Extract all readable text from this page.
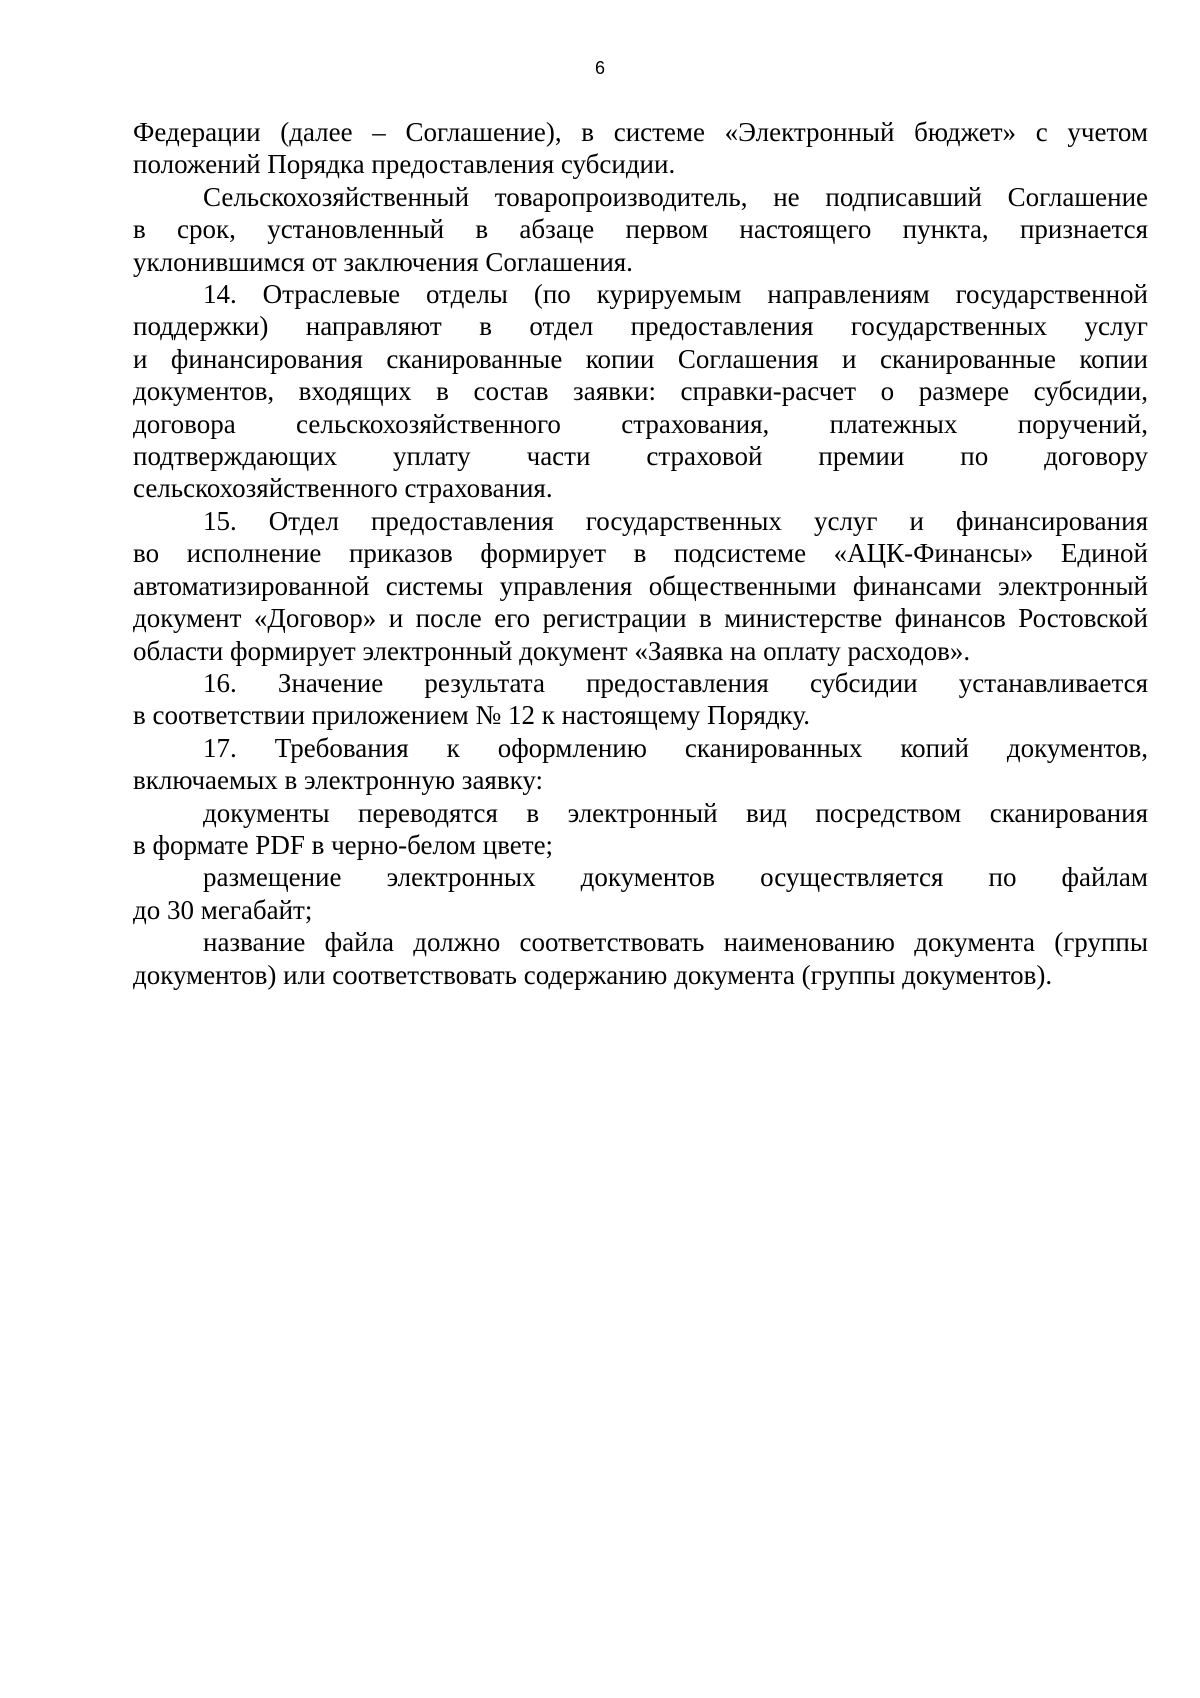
6
Федерации (далее – Соглашение), в системе «Электронный бюджет» с учетом
положений Порядка предоставления субсидии.
Сельскохозяйственный товаропроизводитель, не подписавший Соглашение
в срок, установленный в абзаце первом настоящего пункта, признается
уклонившимся от заключения Соглашения.
14. Отраслевые отделы (по курируемым направлениям государственной
поддержки) направляют в отдел предоставления государственных услуг
и финансирования сканированные копии Соглашения и сканированные копии
документов, входящих в состав заявки: справки-расчет о размере субсидии,
договора сельскохозяйственного страхования, платежных поручений,
подтверждающих уплату части страховой премии по договору
сельскохозяйственного страхования.
15. Отдел предоставления государственных услуг и финансирования
во исполнение приказов формирует в подсистеме «АЦК-Финансы» Единой
автоматизированной системы управления общественными финансами электронный
документ «Договор» и после его регистрации в министерстве финансов Ростовской
области формирует электронный документ «Заявка на оплату расходов».
16. Значение результата предоставления субсидии устанавливается
в соответствии приложением № 12 к настоящему Порядку.
17. Требования к оформлению сканированных копий документов,
включаемых в электронную заявку:
документы переводятся в электронный вид посредством сканирования
в формате PDF в черно-белом цвете;
размещение электронных документов осуществляется по файлам
до 30 мегабайт;
название файла должно соответствовать наименованию документа (группы
документов) или соответствовать содержанию документа (группы документов).
